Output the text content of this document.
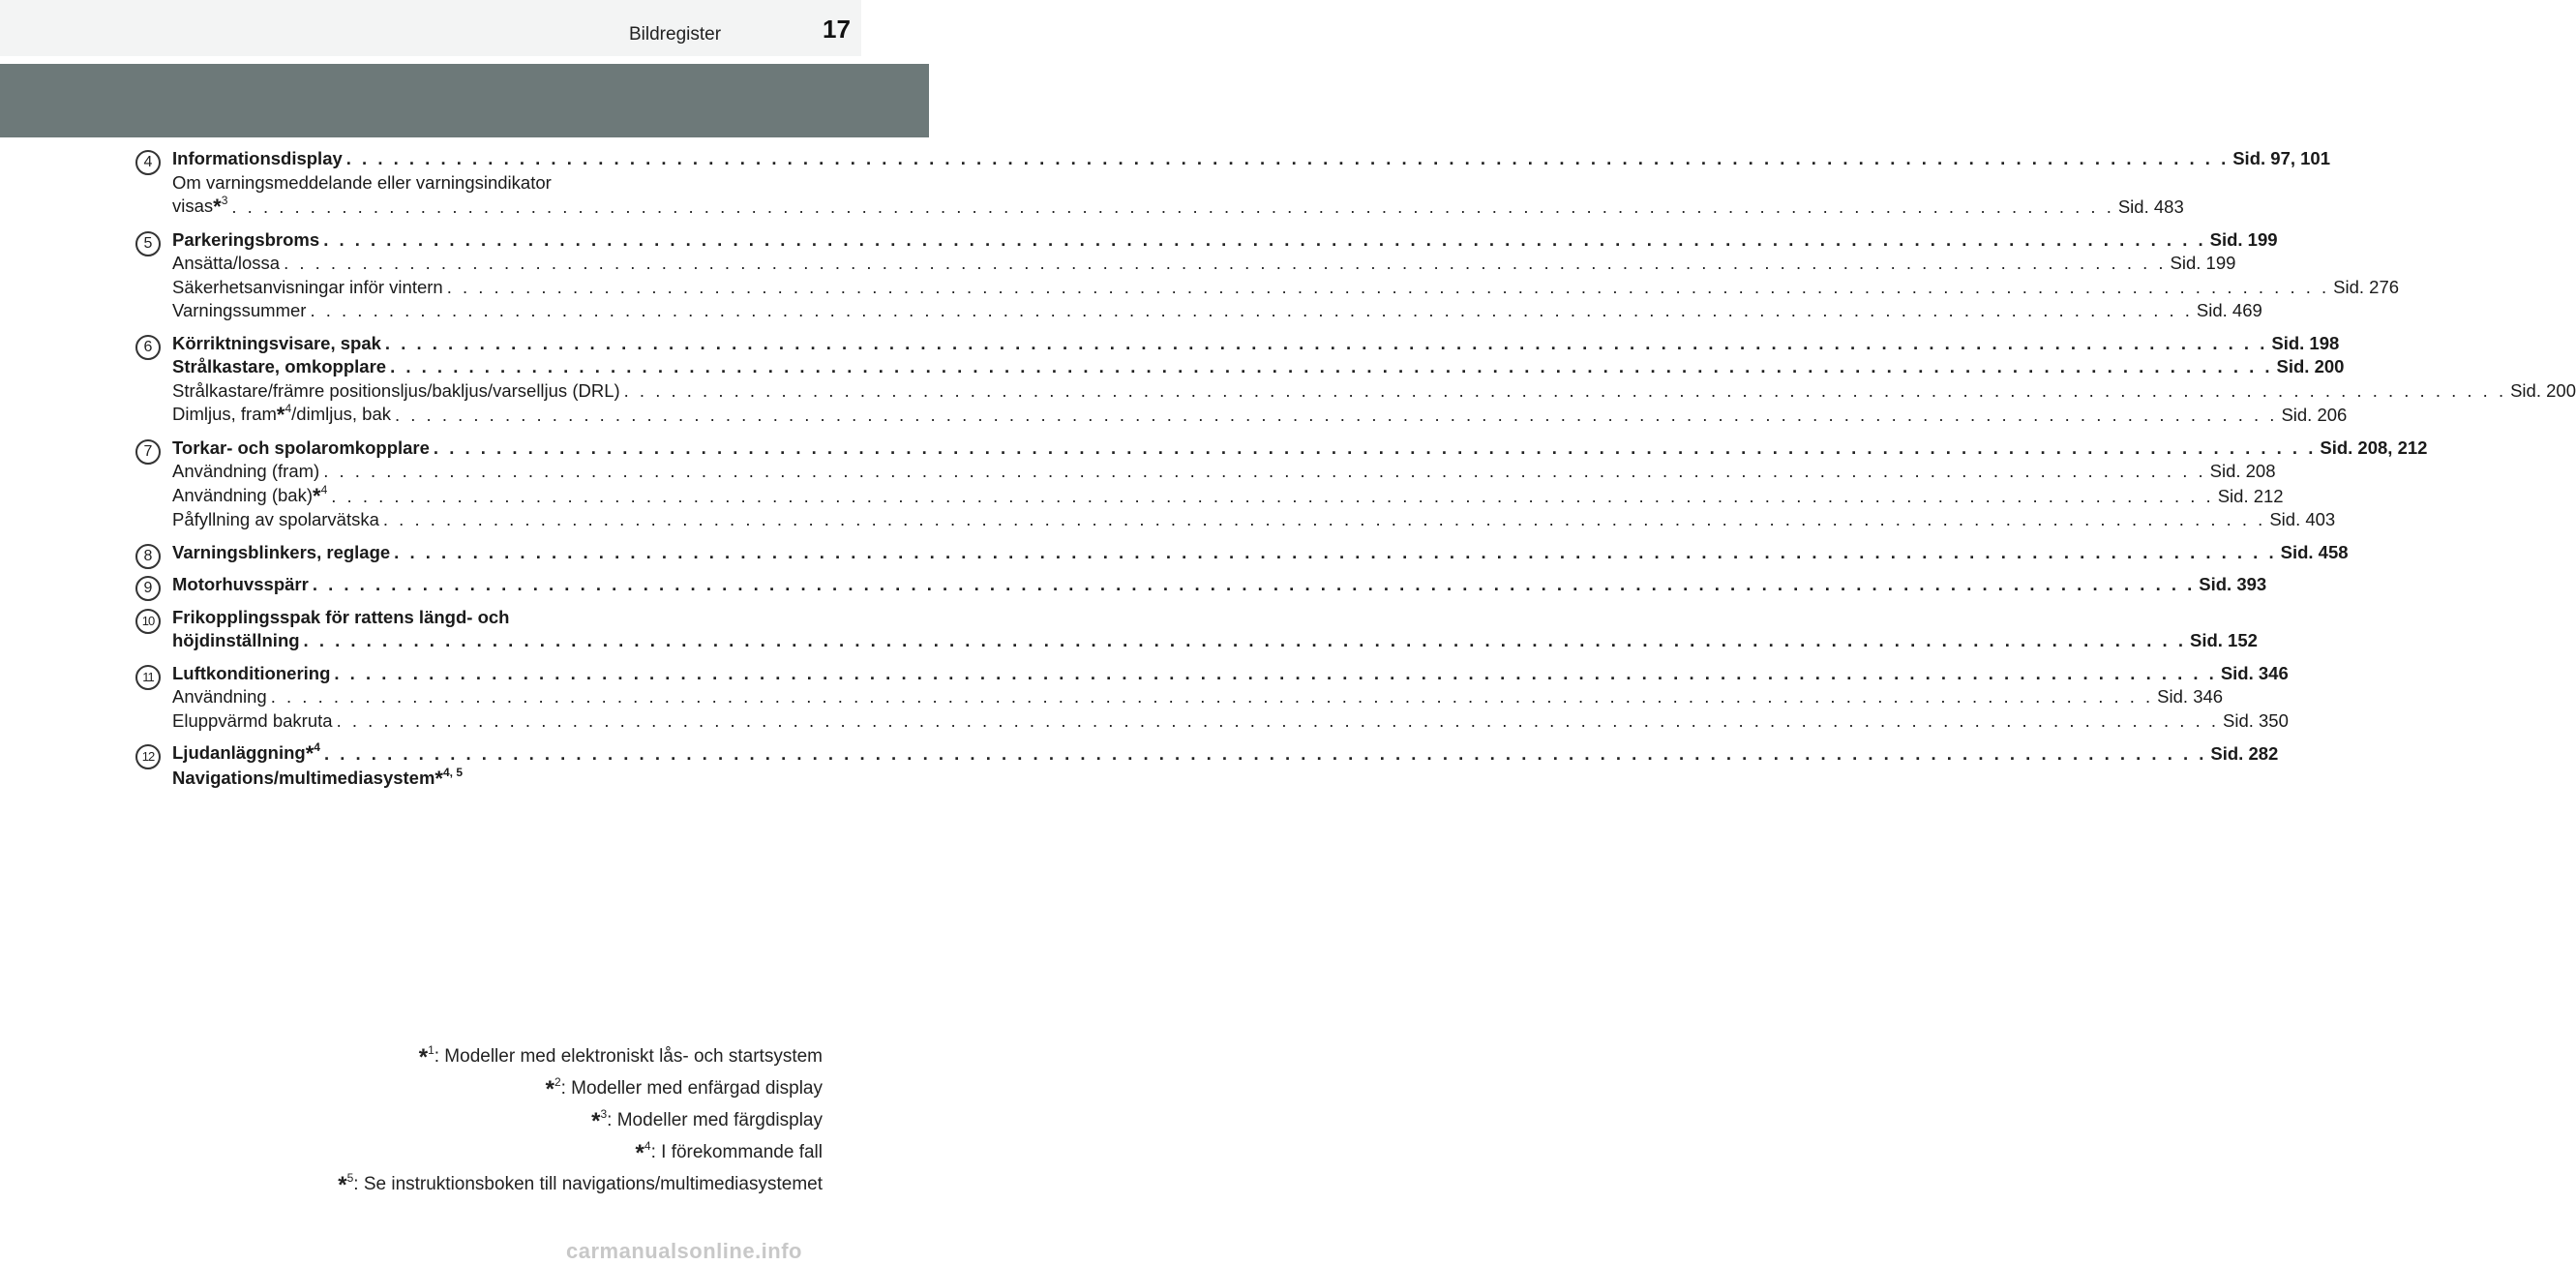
Bildregister	17
4	Informationsdisplay . . . . . . . . . . . . . . . . . . . . . . . . . . . . . . . . . . . . . . . . . . . . . . . . . . . . . . . . . . . . . . . . . . . . . . . . . . . . . . . . . . . . . . . . . . . . . . . . . . . . . . . . . . . . . . . . . . . . . . . . Sid. 97, 101
Om varningsmeddelande eller varningsindikator
visas*$^3$ . . . . . . . . . . . . . . . . . . . . . . . . . . . . . . . . . . . . . . . . . . . . . . . . . . . . . . . . . . . . . . . . . . . . . . . . . . . . . . . . . . . . . . . . . . . . . . . . . . . . . . . . . . . . . . . . . . . . . . . . Sid. 483
5	Parkeringsbroms . . . . . . . . . . . . . . . . . . . . . . . . . . . . . . . . . . . . . . . . . . . . . . . . . . . . . . . . . . . . . . . . . . . . . . . . . . . . . . . . . . . . . . . . . . . . . . . . . . . . . . . . . . . . . . . . . . . . . . . . Sid. 199
Ansätta/lossa . . . . . . . . . . . . . . . . . . . . . . . . . . . . . . . . . . . . . . . . . . . . . . . . . . . . . . . . . . . . . . . . . . . . . . . . . . . . . . . . . . . . . . . . . . . . . . . . . . . . . . . . . . . . . . . . . . . . . . . . Sid. 199
Säkerhetsanvisningar inför vintern . . . . . . . . . . . . . . . . . . . . . . . . . . . . . . . . . . . . . . . . . . . . . . . . . . . . . . . . . . . . . . . . . . . . . . . . . . . . . . . . . . . . . . . . . . . . . . . . . . . . . . . . . . . . . . . . . . . . . . . . Sid. 276
Varningssummer . . . . . . . . . . . . . . . . . . . . . . . . . . . . . . . . . . . . . . . . . . . . . . . . . . . . . . . . . . . . . . . . . . . . . . . . . . . . . . . . . . . . . . . . . . . . . . . . . . . . . . . . . . . . . . . . . . . . . . . . Sid. 469
6	Körriktningsvisare, spak . . . . . . . . . . . . . . . . . . . . . . . . . . . . . . . . . . . . . . . . . . . . . . . . . . . . . . . . . . . . . . . . . . . . . . . . . . . . . . . . . . . . . . . . . . . . . . . . . . . . . . . . . . . . . . . . . . . . . . . . Sid. 198
Strålkastare, omkopplare . . . . . . . . . . . . . . . . . . . . . . . . . . . . . . . . . . . . . . . . . . . . . . . . . . . . . . . . . . . . . . . . . . . . . . . . . . . . . . . . . . . . . . . . . . . . . . . . . . . . . . . . . . . . . . . . . . . . . . . . Sid. 200
Strålkastare/främre positionsljus/bakljus/varselljus (DRL) . . . . . . . . . . . . . . . . . . . . . . . . . . . . . . . . . . . . . . . . . . . . . . . . . . . . . . . . . . . . . . . . . . . . . . . . . . . . . . . . . . . . . . . . . . . . . . . . . . . . . . . . . . . . . . . . . . . . . . . . Sid. 200
Dimljus, fram*$^4$/dimljus, bak . . . . . . . . . . . . . . . . . . . . . . . . . . . . . . . . . . . . . . . . . . . . . . . . . . . . . . . . . . . . . . . . . . . . . . . . . . . . . . . . . . . . . . . . . . . . . . . . . . . . . . . . . . . . . . . . . . . . . . . . Sid. 206
7	Torkar- och spolaromkopplare . . . . . . . . . . . . . . . . . . . . . . . . . . . . . . . . . . . . . . . . . . . . . . . . . . . . . . . . . . . . . . . . . . . . . . . . . . . . . . . . . . . . . . . . . . . . . . . . . . . . . . . . . . . . . . . . . . . . . . . . Sid. 208, 212
Användning (fram) . . . . . . . . . . . . . . . . . . . . . . . . . . . . . . . . . . . . . . . . . . . . . . . . . . . . . . . . . . . . . . . . . . . . . . . . . . . . . . . . . . . . . . . . . . . . . . . . . . . . . . . . . . . . . . . . . . . . . . . . Sid. 208
Användning (bak)*$^4$ . . . . . . . . . . . . . . . . . . . . . . . . . . . . . . . . . . . . . . . . . . . . . . . . . . . . . . . . . . . . . . . . . . . . . . . . . . . . . . . . . . . . . . . . . . . . . . . . . . . . . . . . . . . . . . . . . . . . . . . . Sid. 212
Påfyllning av spolarvätska . . . . . . . . . . . . . . . . . . . . . . . . . . . . . . . . . . . . . . . . . . . . . . . . . . . . . . . . . . . . . . . . . . . . . . . . . . . . . . . . . . . . . . . . . . . . . . . . . . . . . . . . . . . . . . . . . . . . . . . . Sid. 403
8	Varningsblinkers, reglage . . . . . . . . . . . . . . . . . . . . . . . . . . . . . . . . . . . . . . . . . . . . . . . . . . . . . . . . . . . . . . . . . . . . . . . . . . . . . . . . . . . . . . . . . . . . . . . . . . . . . . . . . . . . . . . . . . . . . . . . Sid. 458
9	Motorhuvsspärr . . . . . . . . . . . . . . . . . . . . . . . . . . . . . . . . . . . . . . . . . . . . . . . . . . . . . . . . . . . . . . . . . . . . . . . . . . . . . . . . . . . . . . . . . . . . . . . . . . . . . . . . . . . . . . . . . . . . . . . . Sid. 393
10	Frikopplingsspak för rattens längd- och
höjdinställning . . . . . . . . . . . . . . . . . . . . . . . . . . . . . . . . . . . . . . . . . . . . . . . . . . . . . . . . . . . . . . . . . . . . . . . . . . . . . . . . . . . . . . . . . . . . . . . . . . . . . . . . . . . . . . . . . . . . . . . . Sid. 152
11	Luftkonditionering . . . . . . . . . . . . . . . . . . . . . . . . . . . . . . . . . . . . . . . . . . . . . . . . . . . . . . . . . . . . . . . . . . . . . . . . . . . . . . . . . . . . . . . . . . . . . . . . . . . . . . . . . . . . . . . . . . . . . . . . Sid. 346
Användning . . . . . . . . . . . . . . . . . . . . . . . . . . . . . . . . . . . . . . . . . . . . . . . . . . . . . . . . . . . . . . . . . . . . . . . . . . . . . . . . . . . . . . . . . . . . . . . . . . . . . . . . . . . . . . . . . . . . . . . . Sid. 346
Eluppvärmd bakruta . . . . . . . . . . . . . . . . . . . . . . . . . . . . . . . . . . . . . . . . . . . . . . . . . . . . . . . . . . . . . . . . . . . . . . . . . . . . . . . . . . . . . . . . . . . . . . . . . . . . . . . . . . . . . . . . . . . . . . . . Sid. 350
12	Ljudanläggning*$^4$ . . . . . . . . . . . . . . . . . . . . . . . . . . . . . . . . . . . . . . . . . . . . . . . . . . . . . . . . . . . . . . . . . . . . . . . . . . . . . . . . . . . . . . . . . . . . . . . . . . . . . . . . . . . . . . . . . . . . . . . . Sid. 282
Navigations/multimediasystem*$^{4, 5}$
*$^1$: Modeller med elektroniskt lås- och startsystem
*$^2$: Modeller med enfärgad display
*$^3$: Modeller med färgdisplay
*$^4$: I förekommande fall
*$^5$: Se instruktionsboken till navigations/multimediasystemet
carmanualsonline.info
